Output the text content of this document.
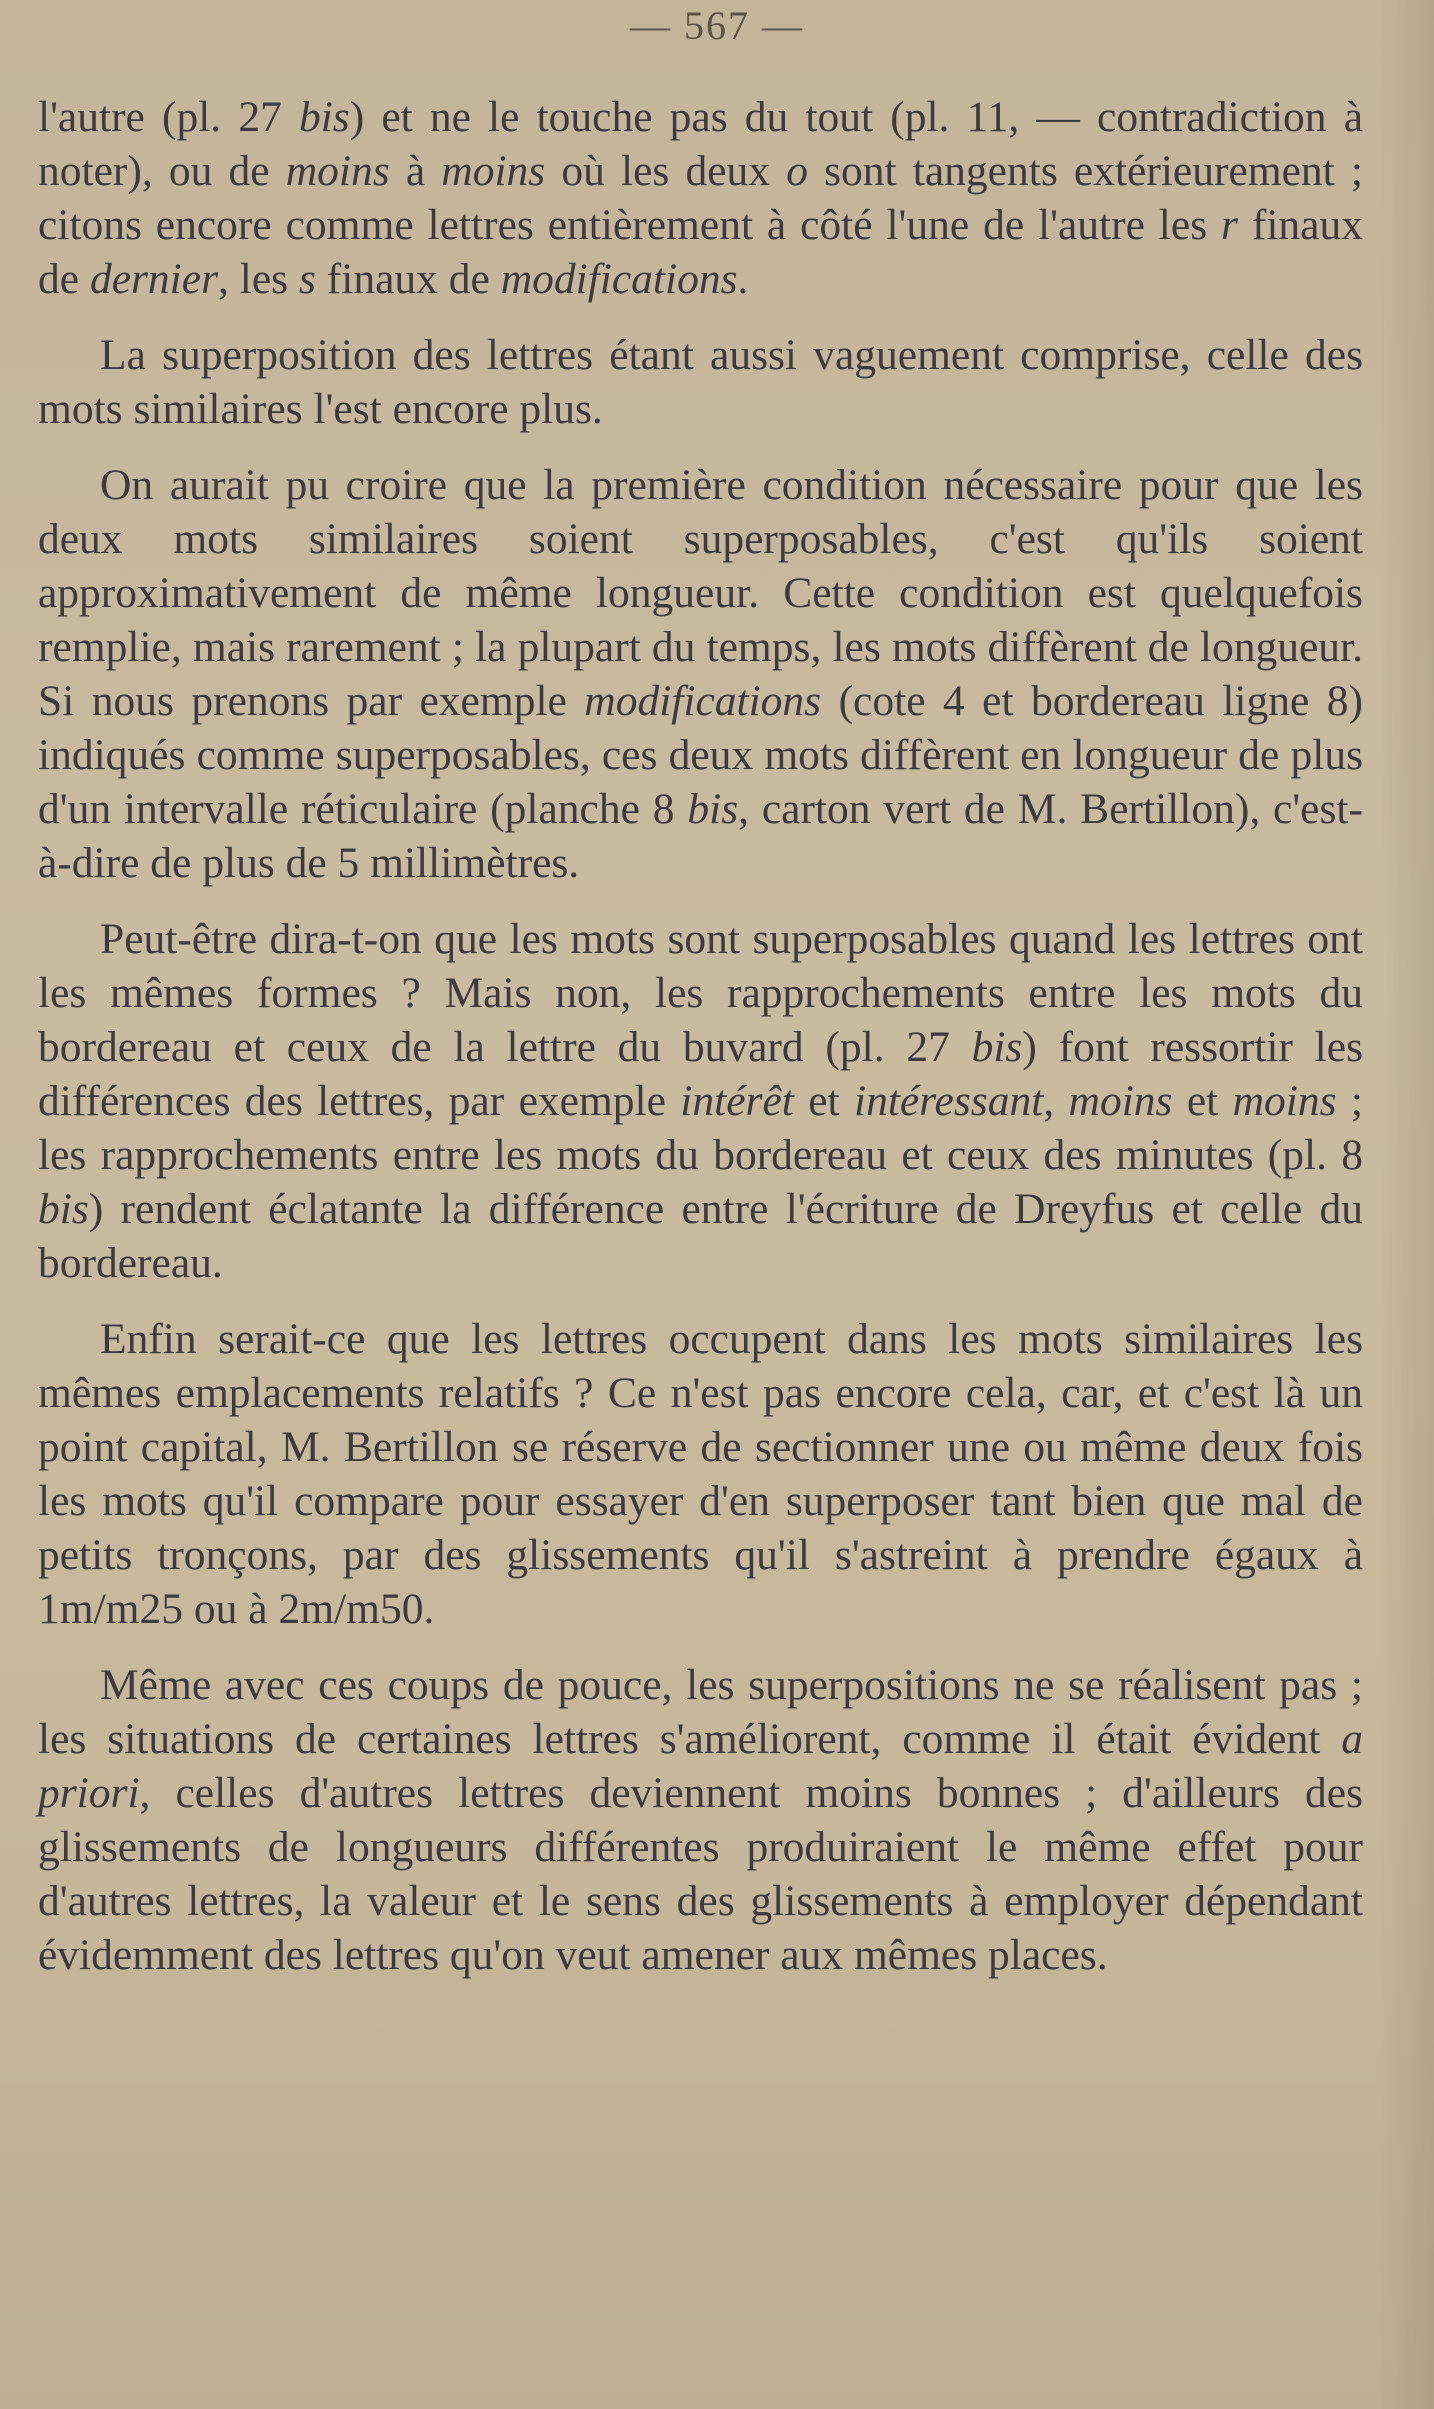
— 567 —

l'autre (pl. 27 bis) et ne le touche pas du tout (pl. 11, — contradiction à noter), ou de moins à moins où les deux o sont tangents extérieurement ; citons encore comme lettres entièrement à côté l'une de l'autre les r finaux de dernier, les s finaux de modifications.

La superposition des lettres étant aussi vaguement comprise, celle des mots similaires l'est encore plus.

On aurait pu croire que la première condition nécessaire pour que les deux mots similaires soient superposables, c'est qu'ils soient approximativement de même longueur. Cette condition est quelquefois remplie, mais rarement ; la plupart du temps, les mots diffèrent de longueur. Si nous prenons par exemple modifications (cote 4 et bordereau ligne 8) indiqués comme superposables, ces deux mots diffèrent en longueur de plus d'un intervalle réticulaire (planche 8 bis, carton vert de M. Bertillon), c'est-à-dire de plus de 5 millimètres.

Peut-être dira-t-on que les mots sont superposables quand les lettres ont les mêmes formes ? Mais non, les rapprochements entre les mots du bordereau et ceux de la lettre du buvard (pl. 27 bis) font ressortir les différences des lettres, par exemple intérêt et intéressant, moins et moins ; les rapprochements entre les mots du bordereau et ceux des minutes (pl. 8 bis) rendent éclatante la différence entre l'écriture de Dreyfus et celle du bordereau.

Enfin serait-ce que les lettres occupent dans les mots similaires les mêmes emplacements relatifs ? Ce n'est pas encore cela, car, et c'est là un point capital, M. Bertillon se réserve de sectionner une ou même deux fois les mots qu'il compare pour essayer d'en superposer tant bien que mal de petits tronçons, par des glissements qu'il s'astreint à prendre égaux à 1m/m25 ou à 2m/m50.

Même avec ces coups de pouce, les superpositions ne se réalisent pas ; les situations de certaines lettres s'améliorent, comme il était évident a priori, celles d'autres lettres deviennent moins bonnes ; d'ailleurs des glissements de longueurs différentes produiraient le même effet pour d'autres lettres, la valeur et le sens des glissements à employer dépendant évidemment des lettres qu'on veut amener aux mêmes places.
